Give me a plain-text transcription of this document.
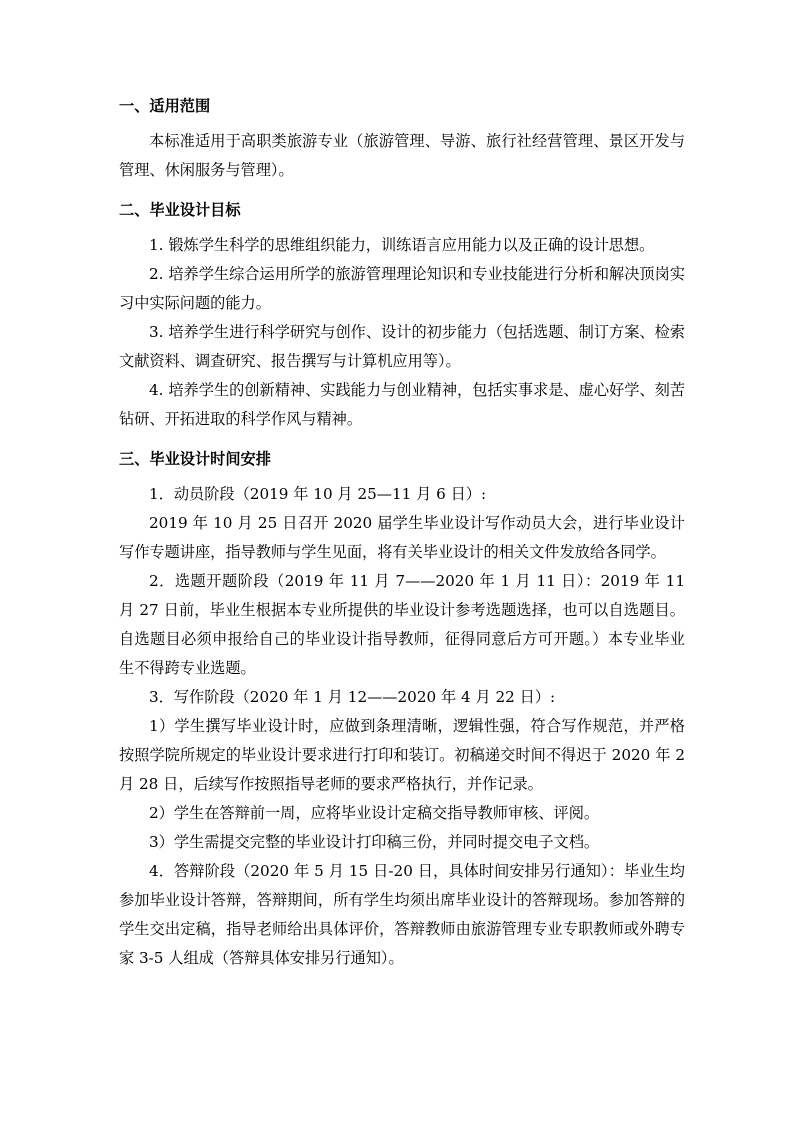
一、适用范围

本标准适用于高职类旅游专业（旅游管理、导游、旅行社经营管理、景区开发与管理、休闲服务与管理）。

二、毕业设计目标

1. 锻炼学生科学的思维组织能力，训练语言应用能力以及正确的设计思想。

2. 培养学生综合运用所学的旅游管理理论知识和专业技能进行分析和解决顶岗实习中实际问题的能力。

3. 培养学生进行科学研究与创作、设计的初步能力（包括选题、制订方案、检索文献资料、调查研究、报告撰写与计算机应用等）。

4. 培养学生的创新精神、实践能力与创业精神，包括实事求是、虚心好学、刻苦钻研、开拓进取的科学作风与精神。

三、毕业设计时间安排

1．动员阶段（2019 年 10 月 25—11 月 6 日）:

2019 年 10 月 25 日召开 2020 届学生毕业设计写作动员大会，进行毕业设计写作专题讲座，指导教师与学生见面，将有关毕业设计的相关文件发放给各同学。

2．选题开题阶段（2019 年 11 月 7——2020 年 1 月 11 日）：2019 年 11 月 27 日前，毕业生根据本专业所提供的毕业设计参考选题选择，也可以自选题目。自选题目必须申报给自己的毕业设计指导教师，征得同意后方可开题。）本专业毕业生不得跨专业选题。

3．写作阶段（2020 年 1 月 12——2020 年 4 月 22 日）:

1）学生撰写毕业设计时，应做到条理清晰，逻辑性强，符合写作规范，并严格按照学院所规定的毕业设计要求进行打印和装订。初稿递交时间不得迟于 2020 年 2 月 28 日，后续写作按照指导老师的要求严格执行，并作记录。

2）学生在答辩前一周，应将毕业设计定稿交指导教师审核、评阅。

3）学生需提交完整的毕业设计打印稿三份，并同时提交电子文档。

4．答辩阶段（2020 年 5 月 15 日-20 日，具体时间安排另行通知）：毕业生均参加毕业设计答辩，答辩期间，所有学生均须出席毕业设计的答辩现场。参加答辩的学生交出定稿，指导老师给出具体评价，答辩教师由旅游管理专业专职教师或外聘专家 3-5 人组成（答辩具体安排另行通知）。
